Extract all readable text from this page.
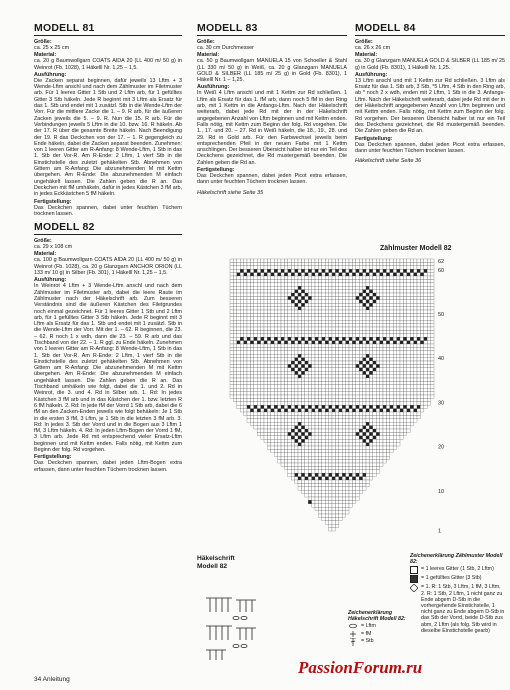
MODELL 81
Größe:

ca. 25 x 25 cm

Material:

ca. 20 g Baumwollgarn COATS AIDA 20 (LL 400 m/ 50 g) in Weinrot (Fb. 1028), 1 Häkelll Nr. 1,25 – 1,5.

Ausführung:

Die Zacken separat beginnen, dafür jeweils 13 Lftm + 3 Wende-Lftm anschl und nach dem Zählmuster im Filetmuster arb. Für 1 leeres Gitter 1 Stb und 2 Lftm arb, für 1 gefülltes Gitter 3 Stb häkeln. Jede R beginnt mit 3 Lftm als Ersatz für das 1. Stb und endet mit 1 zusätzl. Stb in die Wende-Lftm der Vorr. Für die mittlere Zacke die 1. – 9. R arb, für die äußeren Zacken jeweils die 5. – 9. R. Nun die 15. R arb. Für die Verbindungen jeweils 5 Lftm in die 10. bzw. 16. R häkeln. Ab der 17. R über die gesamte Breite häkeln. Nach Beendigung der 19. R das Deckchen von der 17. – 1. R gegengleich zu Ende häkeln, dabei die Zacken separat beenden. Zunehmen: von 1 leeren Gitter am R-Anfang: 8 Wende-Lftm, 1 Stb in das 1. Stb der Vor-R. Am R-Ende: 2 Lftm, 1 vierf Stb in die Einstichstelle des zuletzt gehäkelten Stb. Abnehmen von Gittern am R-Anfang: Die abzunehmenden M mit Kettm übergehen. Am R-Ende: Die abzunehmenden M einfach ungehäkelt lassen. Die Zahlen geben die R an. Das Deckchen mit fM umhäkeln, dafür in jedes Kästchen 3 fM arb, in jedes Eckkästchen 5 fM häkeln.

Fertigstellung:

Das Deckchen spannen, dabei unter feuchten Tüchern trocknen lassen.

MODELL 82
Größe:

ca. 29 x 108 cm

Material:

ca. 100 g Baumwollgarn COATS AIDA 20 (LL 400 m/ 50 g) in Weinrot (Fb. 1028), ca. 20 g Glanzgarn ANCHOR ORION (LL 133 m/ 10 g) in Silber (Fb. 301), 1 Häkelll Nr. 1,25 – 1,5.

Ausführung:

In Weinrot 4 Lftm + 3 Wende-Lftm anschl und nach dem Zählmuster im Filetmuster arb, dabei die leere Raute im Zählmuster nach der Häkelschrift arb. Zum besseren Verständnis sind die äußeren Kästchen des Filetgrundes noch einmal gezeichnet. Für 1 leeres Gitter 1 Stb und 2 Lftm arb, für 1 gefülltes Gitter 3 Stb häkeln. Jede R beginnt mit 3 Lftm als Ersatz für das 1. Stb und endet mit 1 zusätzl. Stb in die Wende-Lftm der Vorr. Mit der 1. – 62. R beginnen, die 23. – 62. R noch 1 x wdh, dann die 23. – 59. R arb und das Tischband von der 22. – 1. R ggl. zu Ende häkeln. Zunehmen von 1 leeren Gitter am R-Anfang: 8 Wende-Lftm, 1 Stb in das 1. Stb der Vor-R. Am R-Ende: 2 Lftm, 1 vierf Stb in die Einstichstelle des zuletzt gehäkelten Stb. Abnehmen von Gittern am R-Anfang: Die abzunehmenden M mit Kettm übergehen. Am R-Ende: Die abzunehmenden M einfach ungehäkelt lassen. Die Zahlen geben die R an. Das Tischband umhäkeln wie folgt, dabei die 1. und 2. Rd in Weinrot, die 3. und 4. Rd in Silber arb. 1. Rd: In jedes Kästchen 3 fM arb und in das Kästchen der 1. bzw. letzten R 6 fM häkeln. 2. Rd: In jede fM der Vorrd 1 Stb arb, dabei die 6 fM an den Zacken-Enden jeweils wie folgt behäkeln: Je 1 Stb in die ersten 3 fM, 3 Lftm, je 1 Stb in die letzten 3 fM arb. 3. Rd: In jedes 3. Stb der Vorrd und in die Bogen aus 3 Lftm 1 fM, 3 Lftm häkeln. 4. Rd: In jeden Lftm-Bogen der Vorrd 1 fM, 3 Lftm arb. Jede Rd mit entsprechend vieler Ersatz-Lftm beginnen und mit Kettm enden. Falls nötig, mit Kettm zum Beginn der folg. Rd vorgehen.

Fertigstellung:

Das Deckchen spannen, dabei jeden Lftm-Bogen extra erfassen, dann unter feuchten Tüchern trocknen lassen.

MODELL 83
Größe:

ca. 30 cm Durchmesser

Material:

ca. 50 g Baumwollgarn MANUELA 15 von Schoeller & Stahl (LL 330 m/ 50 g) in Weiß, ca. 20 g Glanzgarn MANUELA GOLD & SILBER (LL 185 m/ 25 g) in Gold (Fb. 8301), 1 Häkelll Nr. 1 – 1,25.

Ausführung:

In Weiß 4 Lftm anschl und mit 1 Kettm zur Rd schließen. 1 Lftm als Ersatz für das 1. fM arb, dann noch 5 fM in den Ring arb, mit 1 Kettm in die Anfangs-Lftm. Nach der Häkelschrift weiterarb, dabei jede Rd mit der in der Häkelschrift angegebenen Anzahl von Lftm beginnen und mit Kettm enden. Falls nötig, mit Kettm zum Beginn der folg. Rd vorgehen. Die 1., 17. und 20. – 27. Rd in Weiß häkeln, die 18., 19., 28. und 29. Rd in Gold arb. Für den Farbwechsel jeweils beim entsprechenden Pfeil in der neuen Farbe mit 1 Kettm anschlingen. Der besseren Übersicht halber ist nur ein Teil des Deckchens gezeichnet, die Rd mustergemäß beenden. Die Zahlen geben die Rd an.

Fertigstellung:

Das Deckchen spannen, dabei jeden Picot extra erfassen, dann unter feuchten Tüchern trocknen lassen.

Häkelschrift siehe Seite 35

MODELL 84
Größe:

ca. 26 x 26 cm

Material:

ca. 30 g Glanzgarn MANUELA GOLD & SILBER (LL 185 m/ 25 g) in Gold (Fb. 8301), 1 Häkelll Nr. 1,25.

Ausführung:

13 Lftm anschl und mit 1 Kettm zur Rd schließen. 3 Lftm als Ersatz für das 1. Stb arb, 3 Stb, *5 Lftm, 4 Stb in den Ring arb, ab * noch 2 x wdh, enden mit 2 Lftm, 1 Stb in die 3. Anfangs-Lftm. Nach der Häkelschrift weiterarb, dabei jede Rd mit der in der Häkelschrift angegebenen Anzahl von Lftm beginnen und mit Kettm enden. Falls nötig, mit Kettm zum Beginn der folg. Rd vorgehen. Der besseren Übersicht halber ist nur ein Teil des Deckchens gezeichnet, die Rd mustergemäß beenden. Die Zahlen geben die Rd an.

Fertigstellung:

Das Deckchen spannen, dabei jeden Picot extra erfassen, dann unter feuchten Tüchern trocknen lassen.

Häkelschrift siehe Seite 36

Zählmuster Modell 82
62
60
50
40
30
20
10
1
Häkelschrift
Modell 82
Zeichenerklärung Häkelschrift Modell 82:
= Lftm
= fM
= Stb
Zeichenerklärung Zählmuster Modell 82:
= 1 leeres Gitter (1 Stb, 2 Lftm)
= 1 gefülltes Gitter (3 Stb)
= 1. R: 1 Stb, 3 Lftm, 1 fM, 3 Lftm, 2. R: 1 Stb, 2 Lftm, 1 nicht ganz zu Ende abgem D-Stb in die vorhergehende Einstichstelle, 1 nicht ganz zu Ende abgem D-Stb in das Stb der Vorrd, beide D-Stb zus abm, 2 Lftm (als folg. Stb wird in dieselbe Einstichstelle gearb)
34 Anleitung
PassionForum.ru
